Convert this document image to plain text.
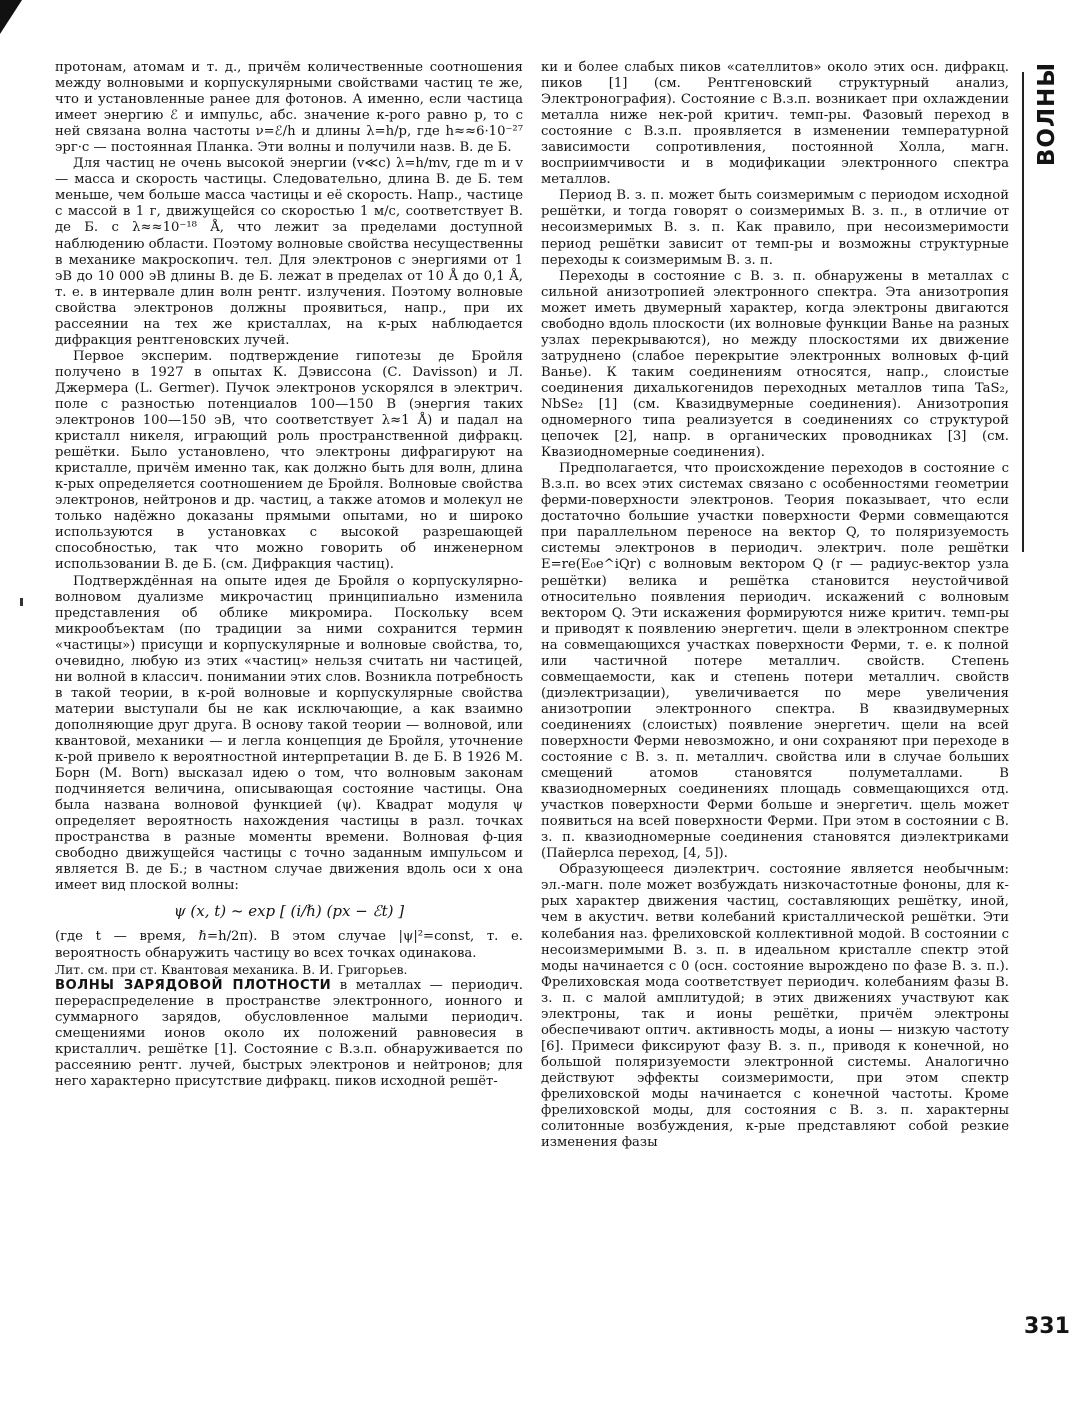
протонам, атомам и т. д., причём количественные соотношения между волновыми и корпускулярными свойствами частиц те же, что и установленные ранее для фотонов. А именно, если частица имеет энергию ℰ и импульс, абс. значение к-рого равно p, то с ней связана волна частоты ν=ℰ/h и длины λ=h/p, где h≈≈6·10⁻²⁷ эрг·с — постоянная Планка. Эти волны и получили назв. В. де Б.

Для частиц не очень высокой энергии (v≪c) λ=h/mv, где m и v — масса и скорость частицы. Следовательно, длина В. де Б. тем меньше, чем больше масса частицы и её скорость. Напр., частице с массой в 1 г, движущейся со скоростью 1 м/с, соответствует В. де Б. с λ≈≈10⁻¹⁸ Å, что лежит за пределами доступной наблюдению области. Поэтому волновые свойства несущественны в механике макроскопич. тел. Для электронов с энергиями от 1 эВ до 10 000 эВ длины В. де Б. лежат в пределах от 10 Å до 0,1 Å, т. е. в интервале длин волн рентг. излучения. Поэтому волновые свойства электронов должны проявиться, напр., при их рассеянии на тех же кристаллах, на к-рых наблюдается дифракция рентгеновских лучей.

Первое эксперим. подтверждение гипотезы де Бройля получено в 1927 в опытах К. Дэвиссона (С. Davisson) и Л. Джермера (L. Germer). Пучок электронов ускорялся в электрич. поле с разностью потенциалов 100—150 В (энергия таких электронов 100—150 эВ, что соответствует λ≈1 Å) и падал на кристалл никеля, играющий роль пространственной дифракц. решётки. Было установлено, что электроны дифрагируют на кристалле, причём именно так, как должно быть для волн, длина к-рых определяется соотношением де Бройля. Волновые свойства электронов, нейтронов и др. частиц, а также атомов и молекул не только надёжно доказаны прямыми опытами, но и широко используются в установках с высокой разрешающей способностью, так что можно говорить об инженерном использовании В. де Б. (см. Дифракция частиц).

Подтверждённая на опыте идея де Бройля о корпускулярно-волновом дуализме микрочастиц принципиально изменила представления об облике микромира. Поскольку всем микрообъектам (по традиции за ними сохранится термин «частицы») присущи и корпускулярные и волновые свойства, то, очевидно, любую из этих «частиц» нельзя считать ни частицей, ни волной в классич. понимании этих слов. Возникла потребность в такой теории, в к-рой волновые и корпускулярные свойства материи выступали бы не как исключающие, а как взаимно дополняющие друг друга. В основу такой теории — волновой, или квантовой, механики — и легла концепция де Бройля, уточнение к-рой привело к вероятностной интерпретации В. де Б. В 1926 М. Борн (M. Born) высказал идею о том, что волновым законам подчиняется величина, описывающая состояние частицы. Она была названа волновой функцией (ψ). Квадрат модуля ψ определяет вероятность нахождения частицы в разл. точках пространства в разные моменты времени. Волновая ф-ция свободно движущейся частицы с точно заданным импульсом и является В. де Б.; в частном случае движения вдоль оси x она имеет вид плоской волны:

ψ (x, t) ~ exp [ (i/ℏ) (px − ℰt) ]

(где t — время, ℏ=h/2π). В этом случае |ψ|²=const, т. е. вероятность обнаружить частицу во всех точках одинакова.

Лит. см. при ст. Квантовая механика. В. И. Григорьев.

ВОЛНЫ ЗАРЯДОВОЙ ПЛОТНОСТИ в металлах — периодич. перераспределение в пространстве электронного, ионного и суммарного зарядов, обусловленное малыми периодич. смещениями ионов около их положений равновесия в кристаллич. решётке [1]. Состояние с В.з.п. обнаруживается по рассеянию рентг. лучей, быстрых электронов и нейтронов; для него характерно присутствие дифракц. пиков исходной решёт-

ки и более слабых пиков «сателлитов» около этих осн. дифракц. пиков [1] (см. Рентгеновский структурный анализ, Электронография). Состояние с В.з.п. возникает при охлаждении металла ниже нек-рой критич. темп-ры. Фазовый переход в состояние с В.з.п. проявляется в изменении температурной зависимости сопротивления, постоянной Холла, магн. восприимчивости и в модификации электронного спектра металлов.

Период В. з. п. может быть соизмеримым с периодом исходной решётки, и тогда говорят о соизмеримых В. з. п., в отличие от несоизмеримых В. з. п. Как правило, при несоизмеримости период решётки зависит от темп-ры и возможны структурные переходы к соизмеримым В. з. п.

Переходы в состояние с В. з. п. обнаружены в металлах с сильной анизотропией электронного спектра. Эта анизотропия может иметь двумерный характер, когда электроны двигаются свободно вдоль плоскости (их волновые функции Ванье на разных узлах перекрываются), но между плоскостями их движение затруднено (слабое перекрытие электронных волновых ф-ций Ванье). К таким соединениям относятся, напр., слоистые соединения дихалькогенидов переходных металлов типа TaS₂, NbSe₂ [1] (см. Квазидвумерные соединения). Анизотропия одномерного типа реализуется в соединениях со структурой цепочек [2], напр. в органических проводниках [3] (см. Квазиодномерные соединения).

Предполагается, что происхождение переходов в состояние с В.з.п. во всех этих системах связано с особенностями геометрии ферми-поверхности электронов. Теория показывает, что если достаточно большие участки поверхности Ферми совмещаются при параллельном переносе на вектор Q, то поляризуемость системы электронов в периодич. электрич. поле решётки E=re(E₀e^iQr) с волновым вектором Q (r — радиус-вектор узла решётки) велика и решётка становится неустойчивой относительно появления периодич. искажений с волновым вектором Q. Эти искажения формируются ниже критич. темп-ры и приводят к появлению энергетич. щели в электронном спектре на совмещающихся участках поверхности Ферми, т. е. к полной или частичной потере металлич. свойств. Степень совмещаемости, как и степень потери металлич. свойств (диэлектризации), увеличивается по мере увеличения анизотропии электронного спектра. В квазидвумерных соединениях (слоистых) появление энергетич. щели на всей поверхности Ферми невозможно, и они сохраняют при переходе в состояние с В. з. п. металлич. свойства или в случае больших смещений атомов становятся полуметаллами. В квазиодномерных соединениях площадь совмещающихся отд. участков поверхности Ферми больше и энергетич. щель может появиться на всей поверхности Ферми. При этом в состоянии с В. з. п. квазиодномерные соединения становятся диэлектриками (Пайерлса переход, [4, 5]).

Образующееся диэлектрич. состояние является необычным: эл.-магн. поле может возбуждать низкочастотные фононы, для к-рых характер движения частиц, составляющих решётку, иной, чем в акустич. ветви колебаний кристаллической решётки. Эти колебания наз. фрелиховской коллективной модой. В состоянии с несоизмеримыми В. з. п. в идеальном кристалле спектр этой моды начинается с 0 (осн. состояние вырождено по фазе В. з. п.). Фрелиховская мода соответствует периодич. колебаниям фазы В. з. п. с малой амплитудой; в этих движениях участвуют как электроны, так и ионы решётки, причём электроны обеспечивают оптич. активность моды, а ионы — низкую частоту [6]. Примеси фиксируют фазу В. з. п., приводя к конечной, но большой поляризуемости электронной системы. Аналогично действуют эффекты соизмеримости, при этом спектр фрелиховской моды начинается с конечной частоты. Кроме фрелиховской моды, для состояния с В. з. п. характерны солитонные возбуждения, к-рые представляют собой резкие изменения фазы

ВОЛНЫ
331
